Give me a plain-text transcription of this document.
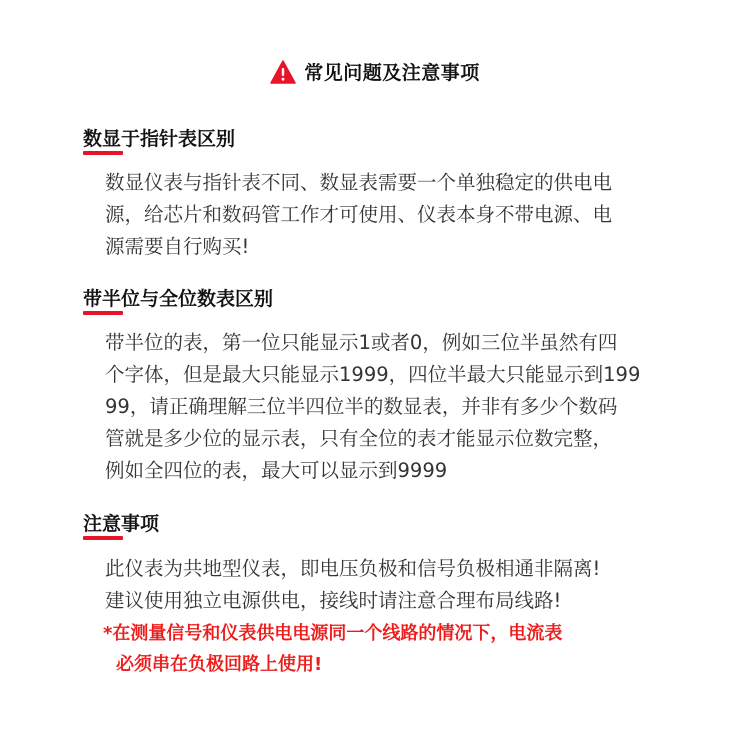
常见问题及注意事项
数显于指针表区别
数显仪表与指针表不同、数显表需要一个单独稳定的供电电
源，给芯片和数码管工作才可使用、仪表本身不带电源、电
源需要自行购买!
带半位与全位数表区别
带半位的表，第一位只能显示1或者0，例如三位半虽然有四
个字体，但是最大只能显示1999，四位半最大只能显示到199
99，请正确理解三位半四位半的数显表，并非有多少个数码
管就是多少位的显示表，只有全位的表才能显示位数完整，
例如全四位的表，最大可以显示到9999
注意事项
此仪表为共地型仪表，即电压负极和信号负极相通非隔离!
建议使用独立电源供电，接线时请注意合理布局线路!
*在测量信号和仪表供电电源同一个线路的情况下，电流表
必须串在负极回路上使用!
